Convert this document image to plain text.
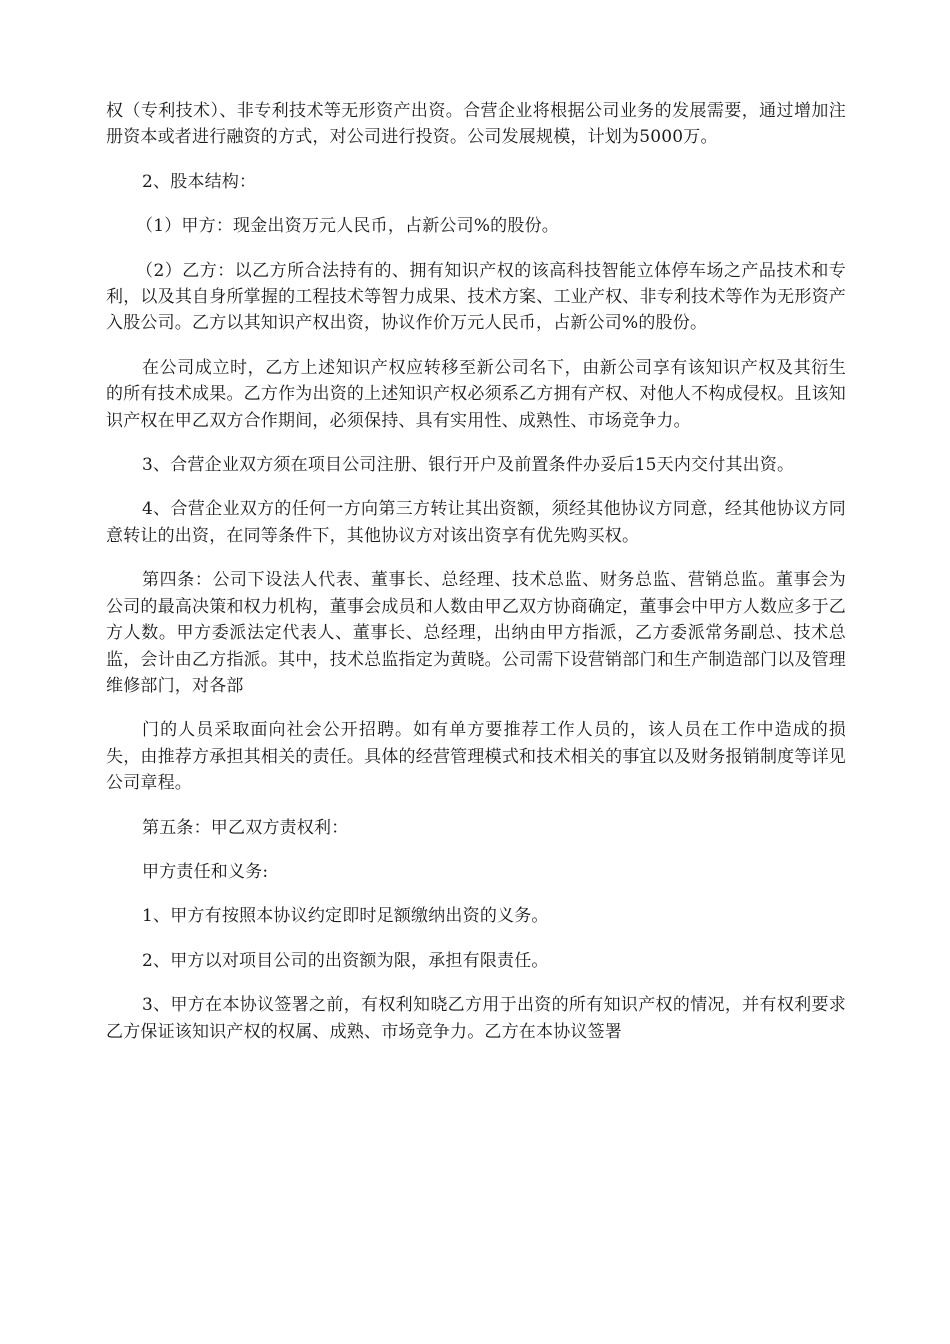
权（专利技术）、非专利技术等无形资产出资。合营企业将根据公司业务的发展需要，通过增加注册资本或者进行融资的方式，对公司进行投资。公司发展规模，计划为5000万。

2、股本结构：

（1）甲方：现金出资万元人民币，占新公司%的股份。

（2）乙方：以乙方所合法持有的、拥有知识产权的该高科技智能立体停车场之产品技术和专利，以及其自身所掌握的工程技术等智力成果、技术方案、工业产权、非专利技术等作为无形资产入股公司。乙方以其知识产权出资，协议作价万元人民币，占新公司%的股份。

在公司成立时，乙方上述知识产权应转移至新公司名下，由新公司享有该知识产权及其衍生的所有技术成果。乙方作为出资的上述知识产权必须系乙方拥有产权、对他人不构成侵权。且该知识产权在甲乙双方合作期间，必须保持、具有实用性、成熟性、市场竞争力。

3、合营企业双方须在项目公司注册、银行开户及前置条件办妥后15天内交付其出资。

4、合营企业双方的任何一方向第三方转让其出资额，须经其他协议方同意，经其他协议方同意转让的出资，在同等条件下，其他协议方对该出资享有优先购买权。

第四条：公司下设法人代表、董事长、总经理、技术总监、财务总监、营销总监。董事会为公司的最高决策和权力机构，董事会成员和人数由甲乙双方协商确定，董事会中甲方人数应多于乙方人数。甲方委派法定代表人、董事长、总经理，出纳由甲方指派，乙方委派常务副总、技术总监，会计由乙方指派。其中，技术总监指定为黄晓。公司需下设营销部门和生产制造部门以及管理维修部门，对各部

门的人员采取面向社会公开招聘。如有单方要推荐工作人员的，该人员在工作中造成的损失，由推荐方承担其相关的责任。具体的经营管理模式和技术相关的事宜以及财务报销制度等详见公司章程。

第五条：甲乙双方责权利：

甲方责任和义务:

1、甲方有按照本协议约定即时足额缴纳出资的义务。

2、甲方以对项目公司的出资额为限，承担有限责任。

3、甲方在本协议签署之前，有权利知晓乙方用于出资的所有知识产权的情况，并有权利要求乙方保证该知识产权的权属、成熟、市场竞争力。乙方在本协议签署
